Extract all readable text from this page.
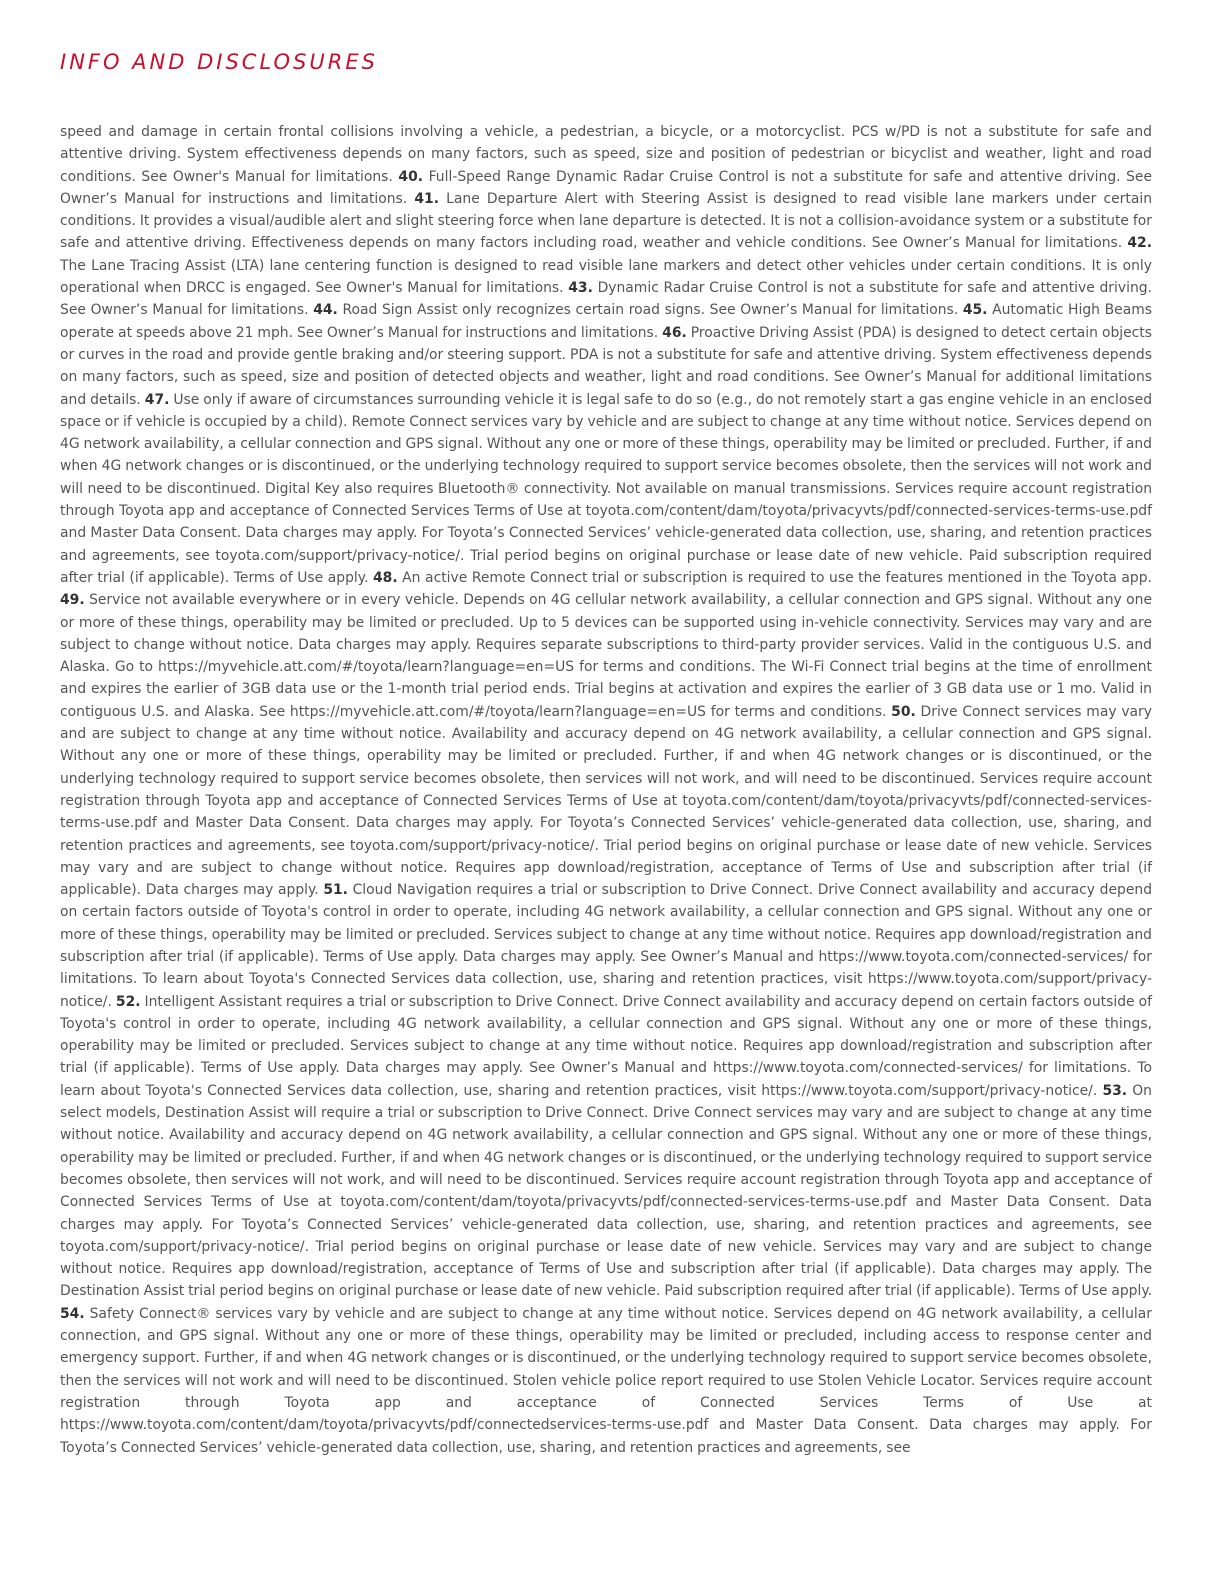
INFO AND DISCLOSURES

speed and damage in certain frontal collisions involving a vehicle, a pedestrian, a bicycle, or a motorcyclist. PCS w/PD is not a substitute for safe and attentive driving. System effectiveness depends on many factors, such as speed, size and position of pedestrian or bicyclist and weather, light and road conditions. See Owner's Manual for limitations. 40. Full-Speed Range Dynamic Radar Cruise Control is not a substitute for safe and attentive driving. See Owner’s Manual for instructions and limitations. 41. Lane Departure Alert with Steering Assist is designed to read visible lane markers under certain conditions. It provides a visual/audible alert and slight steering force when lane departure is detected. It is not a collision-avoidance system or a substitute for safe and attentive driving. Effectiveness depends on many factors including road, weather and vehicle conditions. See Owner’s Manual for limitations. 42. The Lane Tracing Assist (LTA) lane centering function is designed to read visible lane markers and detect other vehicles under certain conditions. It is only operational when DRCC is engaged. See Owner's Manual for limitations. 43. Dynamic Radar Cruise Control is not a substitute for safe and attentive driving. See Owner’s Manual for limitations. 44. Road Sign Assist only recognizes certain road signs. See Owner’s Manual for limitations. 45. Automatic High Beams operate at speeds above 21 mph. See Owner’s Manual for instructions and limitations. 46. Proactive Driving Assist (PDA) is designed to detect certain objects or curves in the road and provide gentle braking and/or steering support. PDA is not a substitute for safe and attentive driving. System effectiveness depends on many factors, such as speed, size and position of detected objects and weather, light and road conditions. See Owner’s Manual for additional limitations and details. 47. Use only if aware of circumstances surrounding vehicle it is legal safe to do so (e.g., do not remotely start a gas engine vehicle in an enclosed space or if vehicle is occupied by a child). Remote Connect services vary by vehicle and are subject to change at any time without notice. Services depend on 4G network availability, a cellular connection and GPS signal. Without any one or more of these things, operability may be limited or precluded. Further, if and when 4G network changes or is discontinued, or the underlying technology required to support service becomes obsolete, then the services will not work and will need to be discontinued. Digital Key also requires Bluetooth® connectivity. Not available on manual transmissions. Services require account registration through Toyota app and acceptance of Connected Services Terms of Use at toyota.com/content/dam/toyota/privacyvts/pdf/connected-services-terms-use.pdf and Master Data Consent. Data charges may apply. For Toyota’s Connected Services’ vehicle-generated data collection, use, sharing, and retention practices and agreements, see toyota.com/support/privacy-notice/. Trial period begins on original purchase or lease date of new vehicle. Paid subscription required after trial (if applicable). Terms of Use apply. 48. An active Remote Connect trial or subscription is required to use the features mentioned in the Toyota app. 49. Service not available everywhere or in every vehicle. Depends on 4G cellular network availability, a cellular connection and GPS signal. Without any one or more of these things, operability may be limited or precluded. Up to 5 devices can be supported using in-vehicle connectivity. Services may vary and are subject to change without notice. Data charges may apply. Requires separate subscriptions to third-party provider services. Valid in the contiguous U.S. and Alaska. Go to https://myvehicle.att.com/#/toyota/learn?language=en=US for terms and conditions. The Wi-Fi Connect trial begins at the time of enrollment and expires the earlier of 3GB data use or the 1-month trial period ends. Trial begins at activation and expires the earlier of 3 GB data use or 1 mo. Valid in contiguous U.S. and Alaska. See https://myvehicle.att.com/#/toyota/learn?language=en=US for terms and conditions. 50. Drive Connect services may vary and are subject to change at any time without notice. Availability and accuracy depend on 4G network availability, a cellular connection and GPS signal. Without any one or more of these things, operability may be limited or precluded. Further, if and when 4G network changes or is discontinued, or the underlying technology required to support service becomes obsolete, then services will not work, and will need to be discontinued. Services require account registration through Toyota app and acceptance of Connected Services Terms of Use at toyota.com/content/dam/toyota/privacyvts/pdf/connected-services-terms-use.pdf and Master Data Consent. Data charges may apply. For Toyota’s Connected Services’ vehicle-generated data collection, use, sharing, and retention practices and agreements, see toyota.com/support/privacy-notice/. Trial period begins on original purchase or lease date of new vehicle. Services may vary and are subject to change without notice. Requires app download/registration, acceptance of Terms of Use and subscription after trial (if applicable). Data charges may apply. 51. Cloud Navigation requires a trial or subscription to Drive Connect. Drive Connect availability and accuracy depend on certain factors outside of Toyota's control in order to operate, including 4G network availability, a cellular connection and GPS signal. Without any one or more of these things, operability may be limited or precluded. Services subject to change at any time without notice. Requires app download/registration and subscription after trial (if applicable). Terms of Use apply. Data charges may apply. See Owner’s Manual and https://www.toyota.com/connected-services/ for limitations. To learn about Toyota's Connected Services data collection, use, sharing and retention practices, visit https://www.toyota.com/support/privacy-notice/. 52. Intelligent Assistant requires a trial or subscription to Drive Connect. Drive Connect availability and accuracy depend on certain factors outside of Toyota's control in order to operate, including 4G network availability, a cellular connection and GPS signal. Without any one or more of these things, operability may be limited or precluded. Services subject to change at any time without notice. Requires app download/registration and subscription after trial (if applicable). Terms of Use apply. Data charges may apply. See Owner’s Manual and https://www.toyota.com/connected-services/ for limitations. To learn about Toyota's Connected Services data collection, use, sharing and retention practices, visit https://www.toyota.com/support/privacy-notice/. 53. On select models, Destination Assist will require a trial or subscription to Drive Connect. Drive Connect services may vary and are subject to change at any time without notice. Availability and accuracy depend on 4G network availability, a cellular connection and GPS signal. Without any one or more of these things, operability may be limited or precluded. Further, if and when 4G network changes or is discontinued, or the underlying technology required to support service becomes obsolete, then services will not work, and will need to be discontinued. Services require account registration through Toyota app and acceptance of Connected Services Terms of Use at toyota.com/content/dam/toyota/privacyvts/pdf/connected-services-terms-use.pdf and Master Data Consent. Data charges may apply. For Toyota’s Connected Services’ vehicle-generated data collection, use, sharing, and retention practices and agreements, see toyota.com/support/privacy-notice/. Trial period begins on original purchase or lease date of new vehicle. Services may vary and are subject to change without notice. Requires app download/registration, acceptance of Terms of Use and subscription after trial (if applicable). Data charges may apply. The Destination Assist trial period begins on original purchase or lease date of new vehicle. Paid subscription required after trial (if applicable). Terms of Use apply. 54. Safety Connect® services vary by vehicle and are subject to change at any time without notice. Services depend on 4G network availability, a cellular connection, and GPS signal. Without any one or more of these things, operability may be limited or precluded, including access to response center and emergency support. Further, if and when 4G network changes or is discontinued, or the underlying technology required to support service becomes obsolete, then the services will not work and will need to be discontinued. Stolen vehicle police report required to use Stolen Vehicle Locator. Services require account registration through Toyota app and acceptance of Connected Services Terms of Use at https://www.toyota.com/content/dam/toyota/privacyvts/pdf/connectedservices-terms-use.pdf and Master Data Consent. Data charges may apply. For Toyota’s Connected Services’ vehicle-generated data collection, use, sharing, and retention practices and agreements, see
